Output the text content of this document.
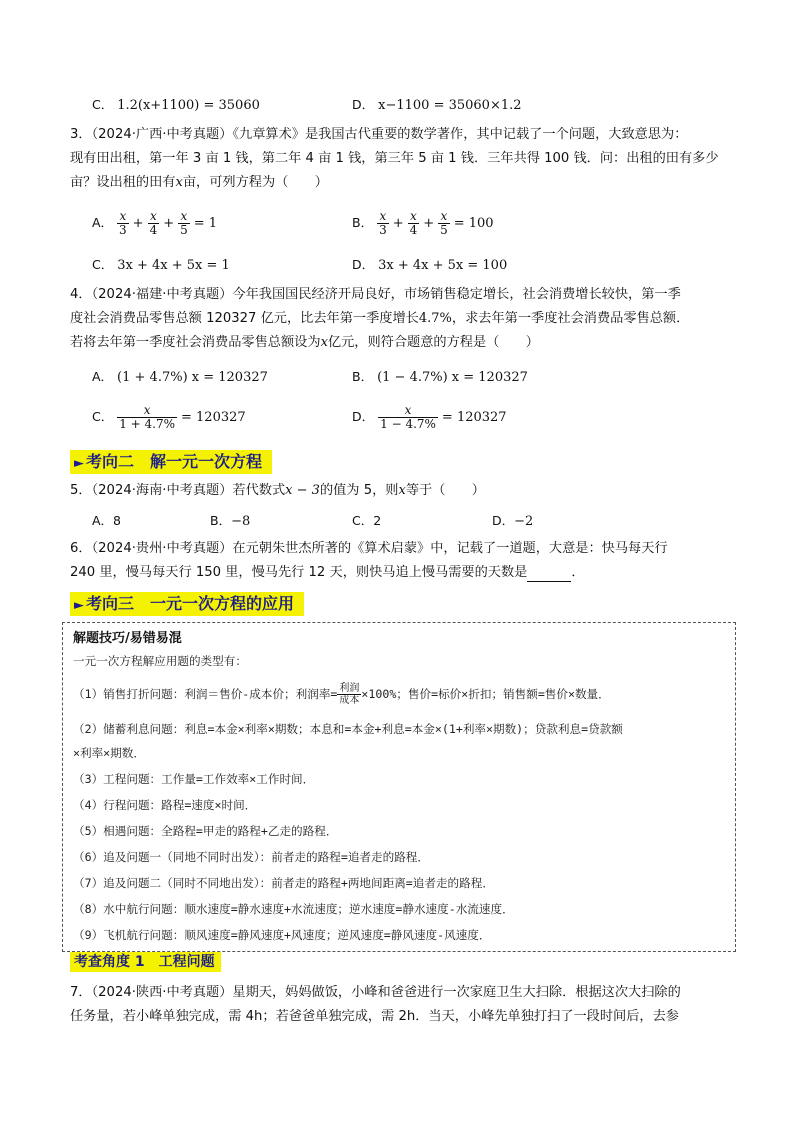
C． 1.2(x+1100) = 35060	D． x−1100 = 35060×1.2
3．（2024·广西·中考真题）《九章算术》是我国古代重要的数学著作，其中记载了一个问题，大致意思为：
现有田出租，第一年 3 亩 1 钱，第二年 4 亩 1 钱，第三年 5 亩 1 钱．三年共得 100 钱．问：出租的田有多少
亩？设出租的田有x亩，可列方程为（　　）
A． $\frac{x}{3} + \frac{x}{4} + \frac{x}{5} = 1$	B． $\frac{x}{3} + \frac{x}{4} + \frac{x}{5} = 100$
C． 3x + 4x + 5x = 1	D． 3x + 4x + 5x = 100
4．（2024·福建·中考真题）今年我国国民经济开局良好，市场销售稳定增长，社会消费增长较快，第一季
度社会消费品零售总额 120327 亿元，比去年第一季度增长4.7%，求去年第一季度社会消费品零售总额．
若将去年第一季度社会消费品零售总额设为x亿元，则符合题意的方程是（　　）
A． (1 + 4.7%) x = 120327	B． (1 − 4.7%) x = 120327
C． $\frac{x}{1 + 4.7\%} = 120327$	D． $\frac{x}{1 - 4.7\%} = 120327$
► 考向二　解一元一次方程
5．（2024·海南·中考真题）若代数式x − 3的值为 5，则x等于（　　）
A．8	B．−8	C．2	D．−2
6．（2024·贵州·中考真题）在元朝朱世杰所著的《算术启蒙》中，记载了一道题，大意是：快马每天行
240 里，慢马每天行 150 里，慢马先行 12 天，则快马追上慢马需要的天数是	．
► 考向三　一元一次方程的应用
解题技巧/易错易混
一元一次方程解应用题的类型有：
（1）销售打折问题：利润＝售价-成本价；利润率= $\frac{\text{利润}}{\text{成本}} \times 100\%$；售价=标价×折扣；销售额=售价×数量．
（2）储蓄利息问题：利息=本金×利率×期数；本息和=本金+利息=本金×(1+利率×期数)；贷款利息=贷款额
×利率×期数．
（3）工程问题：工作量=工作效率×工作时间．
（4）行程问题：路程=速度×时间．
（5）相遇问题：全路程=甲走的路程+乙走的路程．
（6）追及问题一（同地不同时出发）：前者走的路程=追者走的路程．
（7）追及问题二（同时不同地出发）：前者走的路程+两地间距离=追者走的路程．
（8）水中航行问题：顺水速度=静水速度+水流速度；逆水速度=静水速度-水流速度．
（9）飞机航行问题：顺风速度=静风速度+风速度；逆风速度=静风速度-风速度．
考查角度 1　工程问题
7．（2024·陕西·中考真题）星期天，妈妈做饭，小峰和爸爸进行一次家庭卫生大扫除．根据这次大扫除的
任务量，若小峰单独完成，需 4h；若爸爸单独完成，需 2h．当天，小峰先单独打扫了一段时间后，去参
